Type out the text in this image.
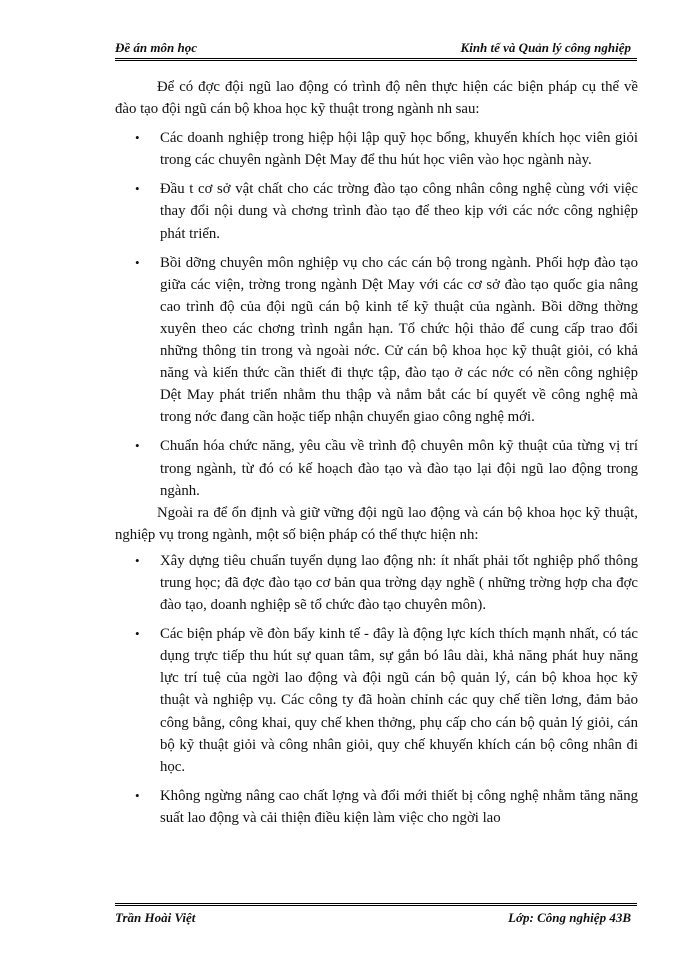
Đề án môn học	Kinh tế và Quản lý công nghiệp

Để có đợc đội ngũ lao động có trình độ nên thực hiện các biện pháp cụ thể về đào tạo đội ngũ cán bộ khoa học kỹ thuật trong ngành nh sau:

• Các doanh nghiệp trong hiệp hội lập quỹ học bổng, khuyến khích học viên giỏi trong các chuyên ngành Dệt May để thu hút học viên vào học ngành này.
• Đầu t cơ sở vật chất cho các trờng đào tạo công nhân công nghệ cùng với việc thay đổi nội dung và chơng trình đào tạo để theo kịp với các nớc công nghiệp phát triển.
• Bồi dỡng chuyên môn nghiệp vụ cho các cán bộ trong ngành. Phối hợp đào tạo giữa các viện, trờng trong ngành Dệt May với các cơ sở đào tạo quốc gia nâng cao trình độ của đội ngũ cán bộ kinh tế kỹ thuật của ngành. Bồi dỡng thờng xuyên theo các chơng trình ngắn hạn. Tổ chức hội thảo để cung cấp trao đổi những thông tin trong và ngoài nớc. Cử cán bộ khoa học kỹ thuật giỏi, có khả năng và kiến thức cần thiết đi thực tập, đào tạo ở các nớc có nền công nghiệp Dệt May phát triển nhằm thu thập và nắm bắt các bí quyết về công nghệ mà trong nớc đang cần hoặc tiếp nhận chuyển giao công nghệ mới.
• Chuẩn hóa chức năng, yêu cầu về trình độ chuyên môn kỹ thuật của từng vị trí trong ngành, từ đó có kế hoạch đào tạo và đào tạo lại đội ngũ lao động trong ngành.

Ngoài ra để ổn định và giữ vững đội ngũ lao động và cán bộ khoa học kỹ thuật, nghiệp vụ trong ngành, một số biện pháp có thể thực hiện nh:

• Xây dựng tiêu chuẩn tuyển dụng lao động nh: ít nhất phải tốt nghiệp phổ thông trung học; đã đợc đào tạo cơ bản qua trờng dạy nghề ( những trờng hợp cha đợc đào tạo, doanh nghiệp sẽ tổ chức đào tạo chuyên môn).
• Các biện pháp về đòn bẩy kinh tế - đây là động lực kích thích mạnh nhất, có tác dụng trực tiếp thu hút sự quan tâm, sự gắn bó lâu dài, khả năng phát huy năng lực trí tuệ của ngời lao động và đội ngũ cán bộ quản lý, cán bộ khoa học kỹ thuật và nghiệp vụ. Các công ty đã hoàn chỉnh các quy chế tiền lơng, đảm bảo công bằng, công khai, quy chế khen thởng, phụ cấp cho cán bộ quản lý giỏi, cán bộ kỹ thuật giỏi và công nhân giỏi, quy chế khuyến khích cán bộ công nhân đi học.
• Không ngừng nâng cao chất lợng và đổi mới thiết bị công nghệ nhằm tăng năng suất lao động và cải thiện điều kiện làm việc cho ngời lao
Trần Hoài Việt	Lớp: Công nghiệp 43B
